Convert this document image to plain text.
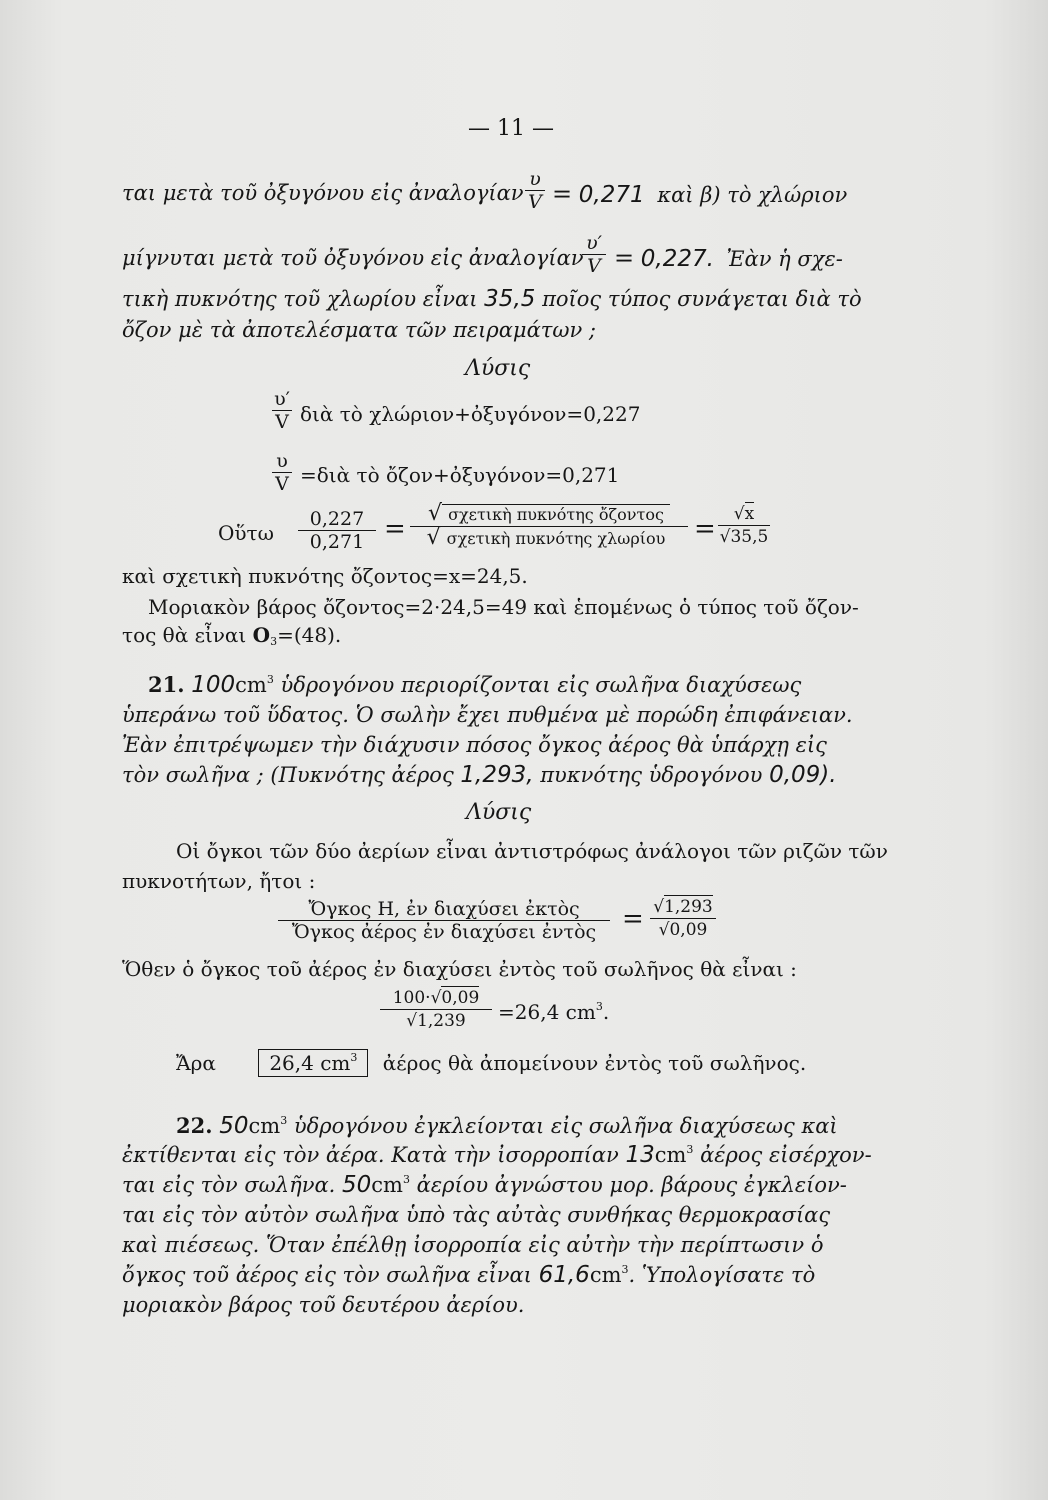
— 11 —
ται μετὰ τοῦ ὀξυγόνου εἰς ἀναλογίαν
υ
V = 0,271 καὶ β) τὸ χλώριον
μίγνυται μετὰ τοῦ ὀξυγόνου εἰς ἀναλογίαν
υ′
V = 0,227. Ἐὰν ἡ σχε-
τικὴ πυκνότης τοῦ χλωρίου εἶναι 35,5 ποῖος τύπος συνάγεται διὰ τὸ
ὄζον μὲ τὰ ἀποτελέσματα τῶν πειραμάτων ;
Λύσις
υ′
V διὰ τὸ χλώριον+ὀξυγόνον=0,227
υ
V =διὰ τὸ ὄζον+ὀξυγόνον=0,271
Οὕτω
0,227
0,271 =
√ σχετικὴ πυκνότης ὄζοντος
√ σχετικὴ πυκνότης χλωρίου	=	√x
√35,5
καὶ σχετικὴ πυκνότης ὄζοντος=x=24,5.
Μοριακὸν βάρος ὄζοντος=2·24,5=49 καὶ ἑπομένως ὁ τύπος τοῦ ὄζον-
τος θὰ εἶναι $O_3=(48)$.
21. $100cm^3$ ὑδρογόνου περιορίζονται εἰς σωλῆνα διαχύσεως
ὑπεράνω τοῦ ὕδατος. Ὁ σωλὴν ἔχει πυθμένα μὲ πορώδη ἐπιφάνειαν.
Ἐὰν ἐπιτρέψωμεν τὴν διάχυσιν πόσος ὄγκος ἀέρος θὰ ὑπάρχῃ εἰς
τὸν σωλῆνα ; (Πυκνότης ἀέρος 1,293, πυκνότης ὑδρογόνου 0,09).
Λύσις
Οἱ ὄγκοι τῶν δύο ἀερίων εἶναι ἀντιστρόφως ἀνάλογοι τῶν ριζῶν τῶν
πυκνοτήτων, ἤτοι :
Ὄγκος H, ἐν διαχύσει ἐκτὸς
Ὄγκος ἀέρος ἐν διαχύσει ἐντὸς = √1,293
√0,09
Ὅθεν ὁ ὄγκος τοῦ ἀέρος ἐν διαχύσει ἐντὸς τοῦ σωλῆνος θὰ εἶναι :
100·√0,09
√1,239	=26,4 $cm^3$.
Ἄρα	26,4 $cm^3$ ἀέρος θὰ ἀπομείνουν ἐντὸς τοῦ σωλῆνος.
22. $50cm^3$ ὑδρογόνου ἐγκλείονται εἰς σωλῆνα διαχύσεως καὶ
ἐκτίθενται εἰς τὸν ἀέρα. Κατὰ τὴν ἰσορροπίαν $13cm^3$ ἀέρος εἰσέρχον-
ται εἰς τὸν σωλῆνα. $50cm^3$ ἀερίου ἀγνώστου μορ. βάρους ἐγκλείον-
ται εἰς τὸν αὐτὸν σωλῆνα ὑπὸ τὰς αὐτὰς συνθήκας θερμοκρασίας
καὶ πιέσεως. Ὅταν ἐπέλθῃ ἰσορροπία εἰς αὐτὴν τὴν περίπτωσιν ὁ
ὄγκος τοῦ ἀέρος εἰς τὸν σωλῆνα εἶναι $61,6cm^3$. Ὑπολογίσατε τὸ
μοριακὸν βάρος τοῦ δευτέρου ἀερίου.
